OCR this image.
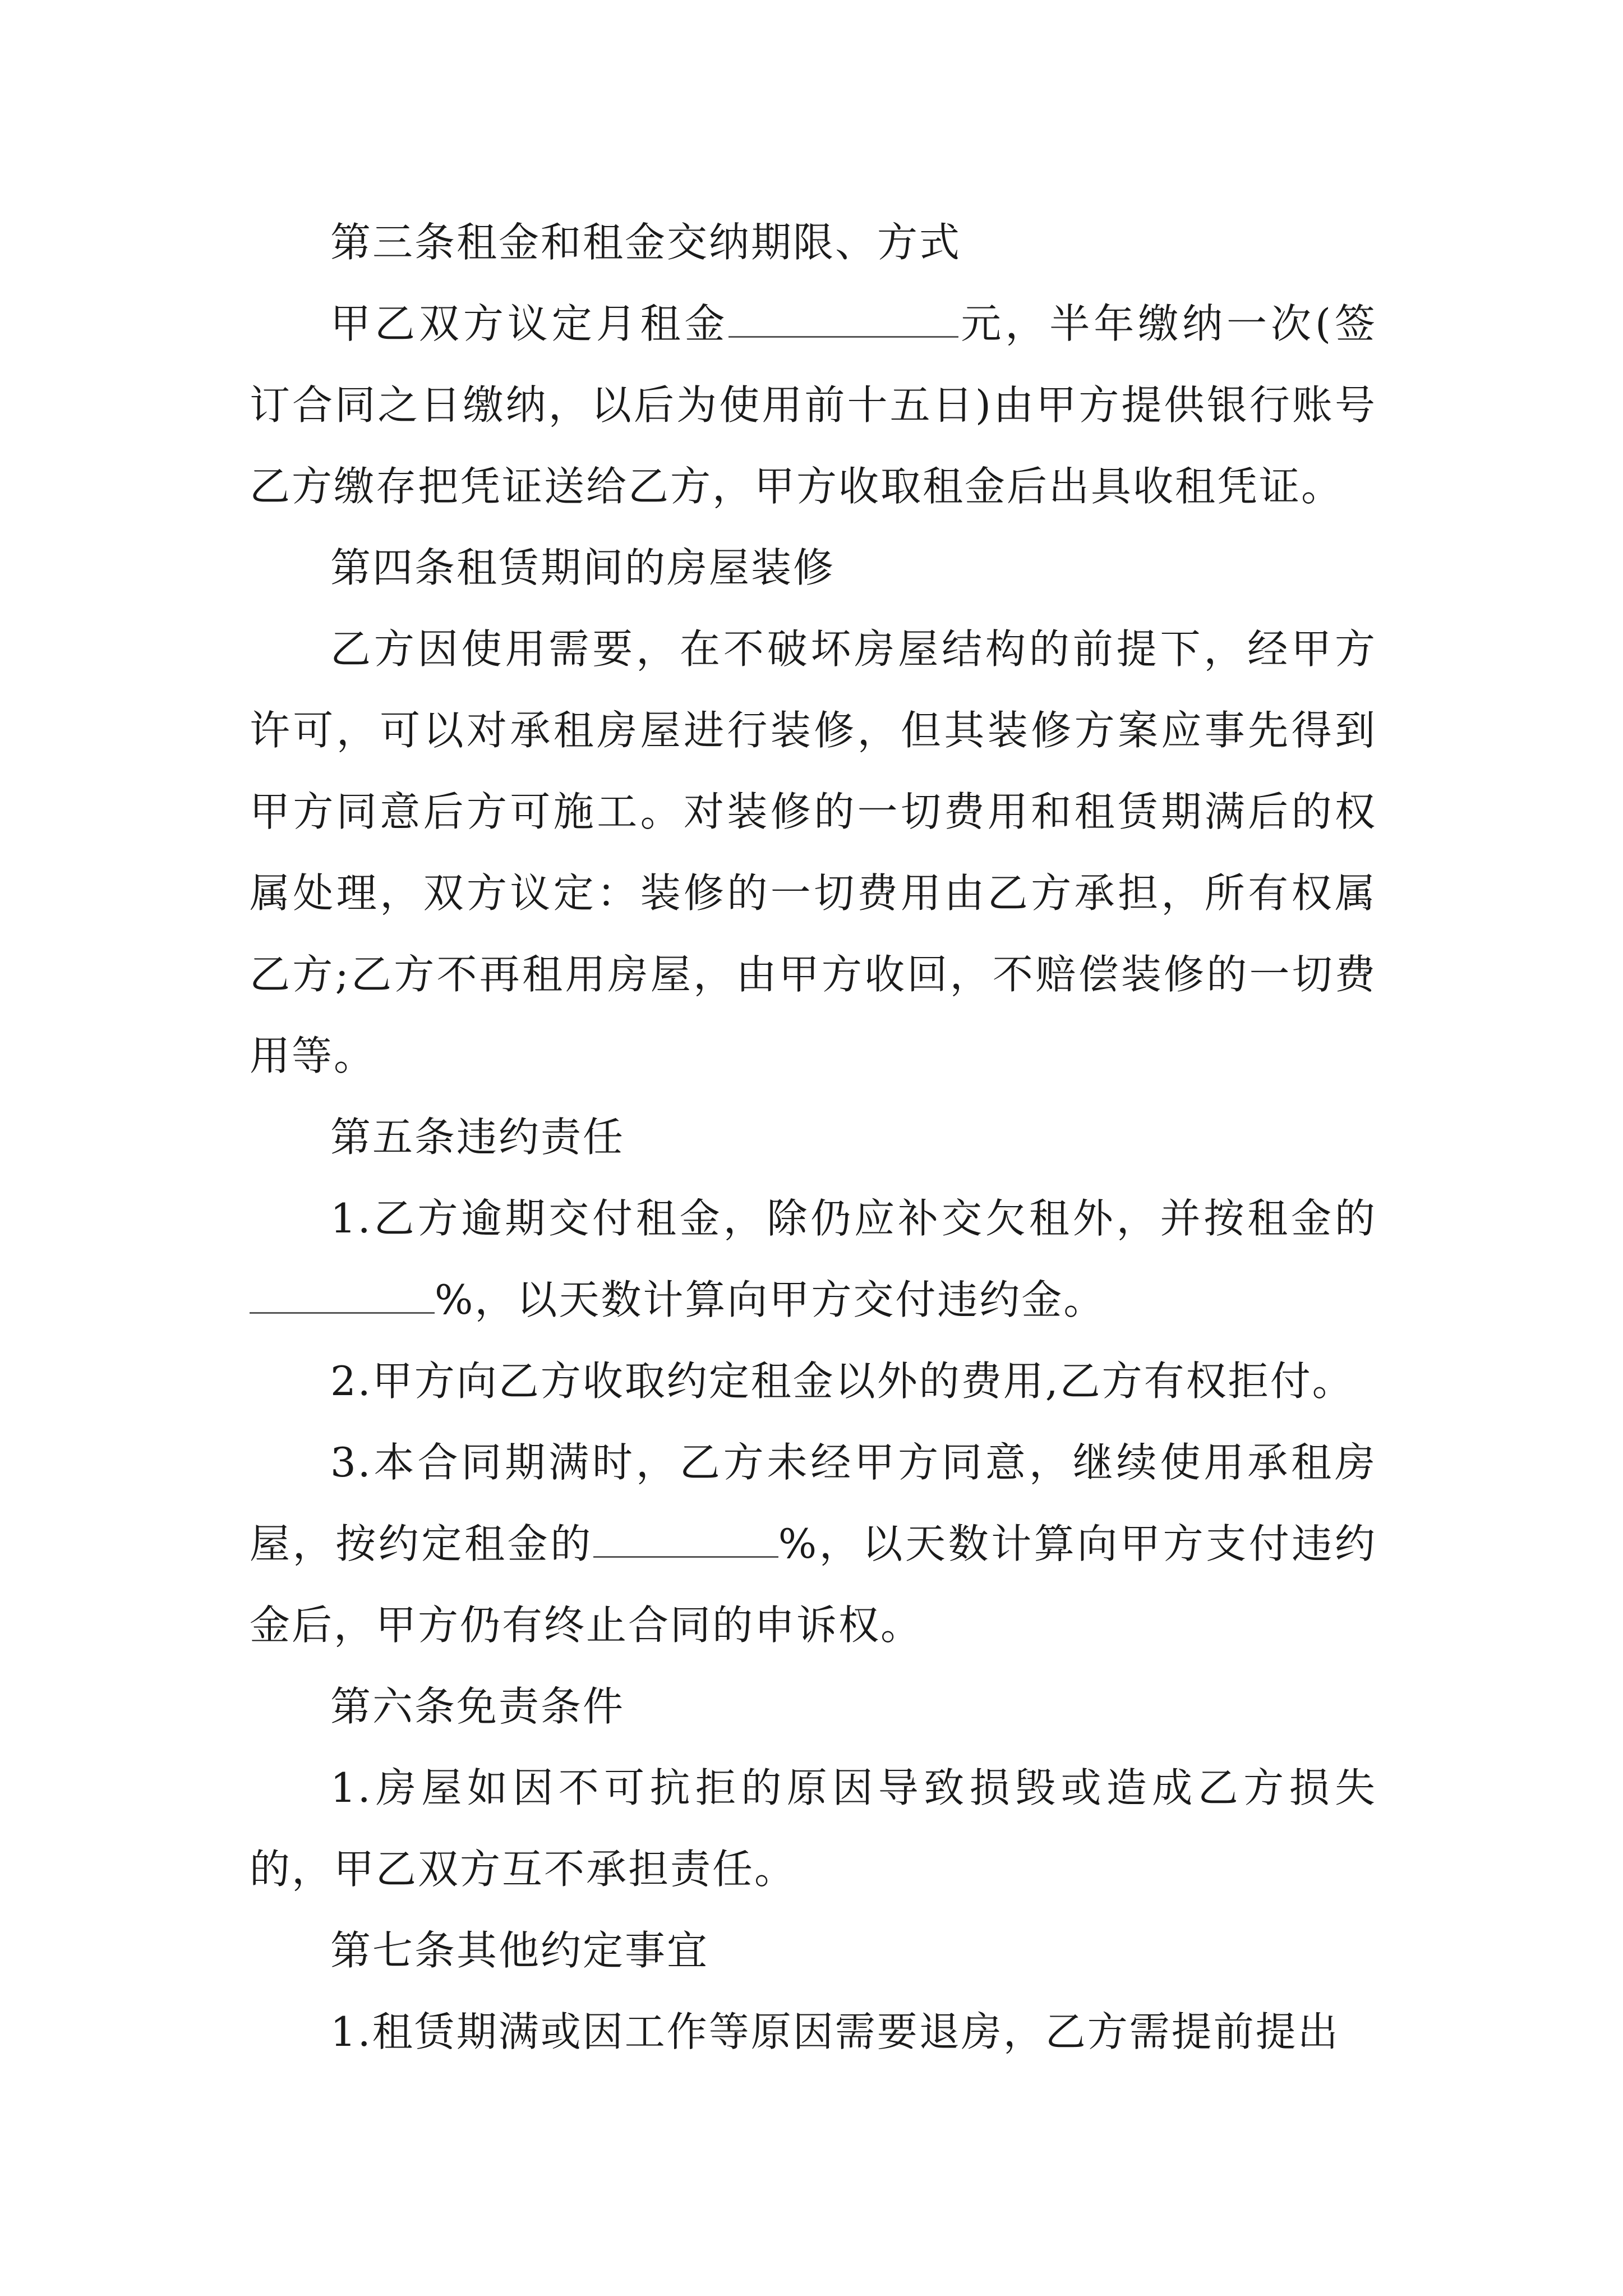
第三条租金和租金交纳期限、方式

甲乙双方议定月租金	元，半年缴纳一次(签订合同之日缴纳，以后为使用前十五日)由甲方提供银行账号乙方缴存把凭证送给乙方，甲方收取租金后出具收租凭证。

第四条租赁期间的房屋装修

乙方因使用需要，在不破坏房屋结构的前提下，经甲方许可，可以对承租房屋进行装修，但其装修方案应事先得到甲方同意后方可施工。对装修的一切费用和租赁期满后的权属处理，双方议定：装修的一切费用由乙方承担，所有权属乙方;乙方不再租用房屋，由甲方收回，不赔偿装修的一切费用等。

第五条违约责任

1.乙方逾期交付租金，除仍应补交欠租外，并按租金的%，以天数计算向甲方交付违约金。

2.甲方向乙方收取约定租金以外的费用,乙方有权拒付。

3.本合同期满时，乙方未经甲方同意，继续使用承租房屋，按约定租金的	%，以天数计算向甲方支付违约金后，甲方仍有终止合同的申诉权。

第六条免责条件

1.房屋如因不可抗拒的原因导致损毁或造成乙方损失的，甲乙双方互不承担责任。

第七条其他约定事宜

1.租赁期满或因工作等原因需要退房，乙方需提前提出
